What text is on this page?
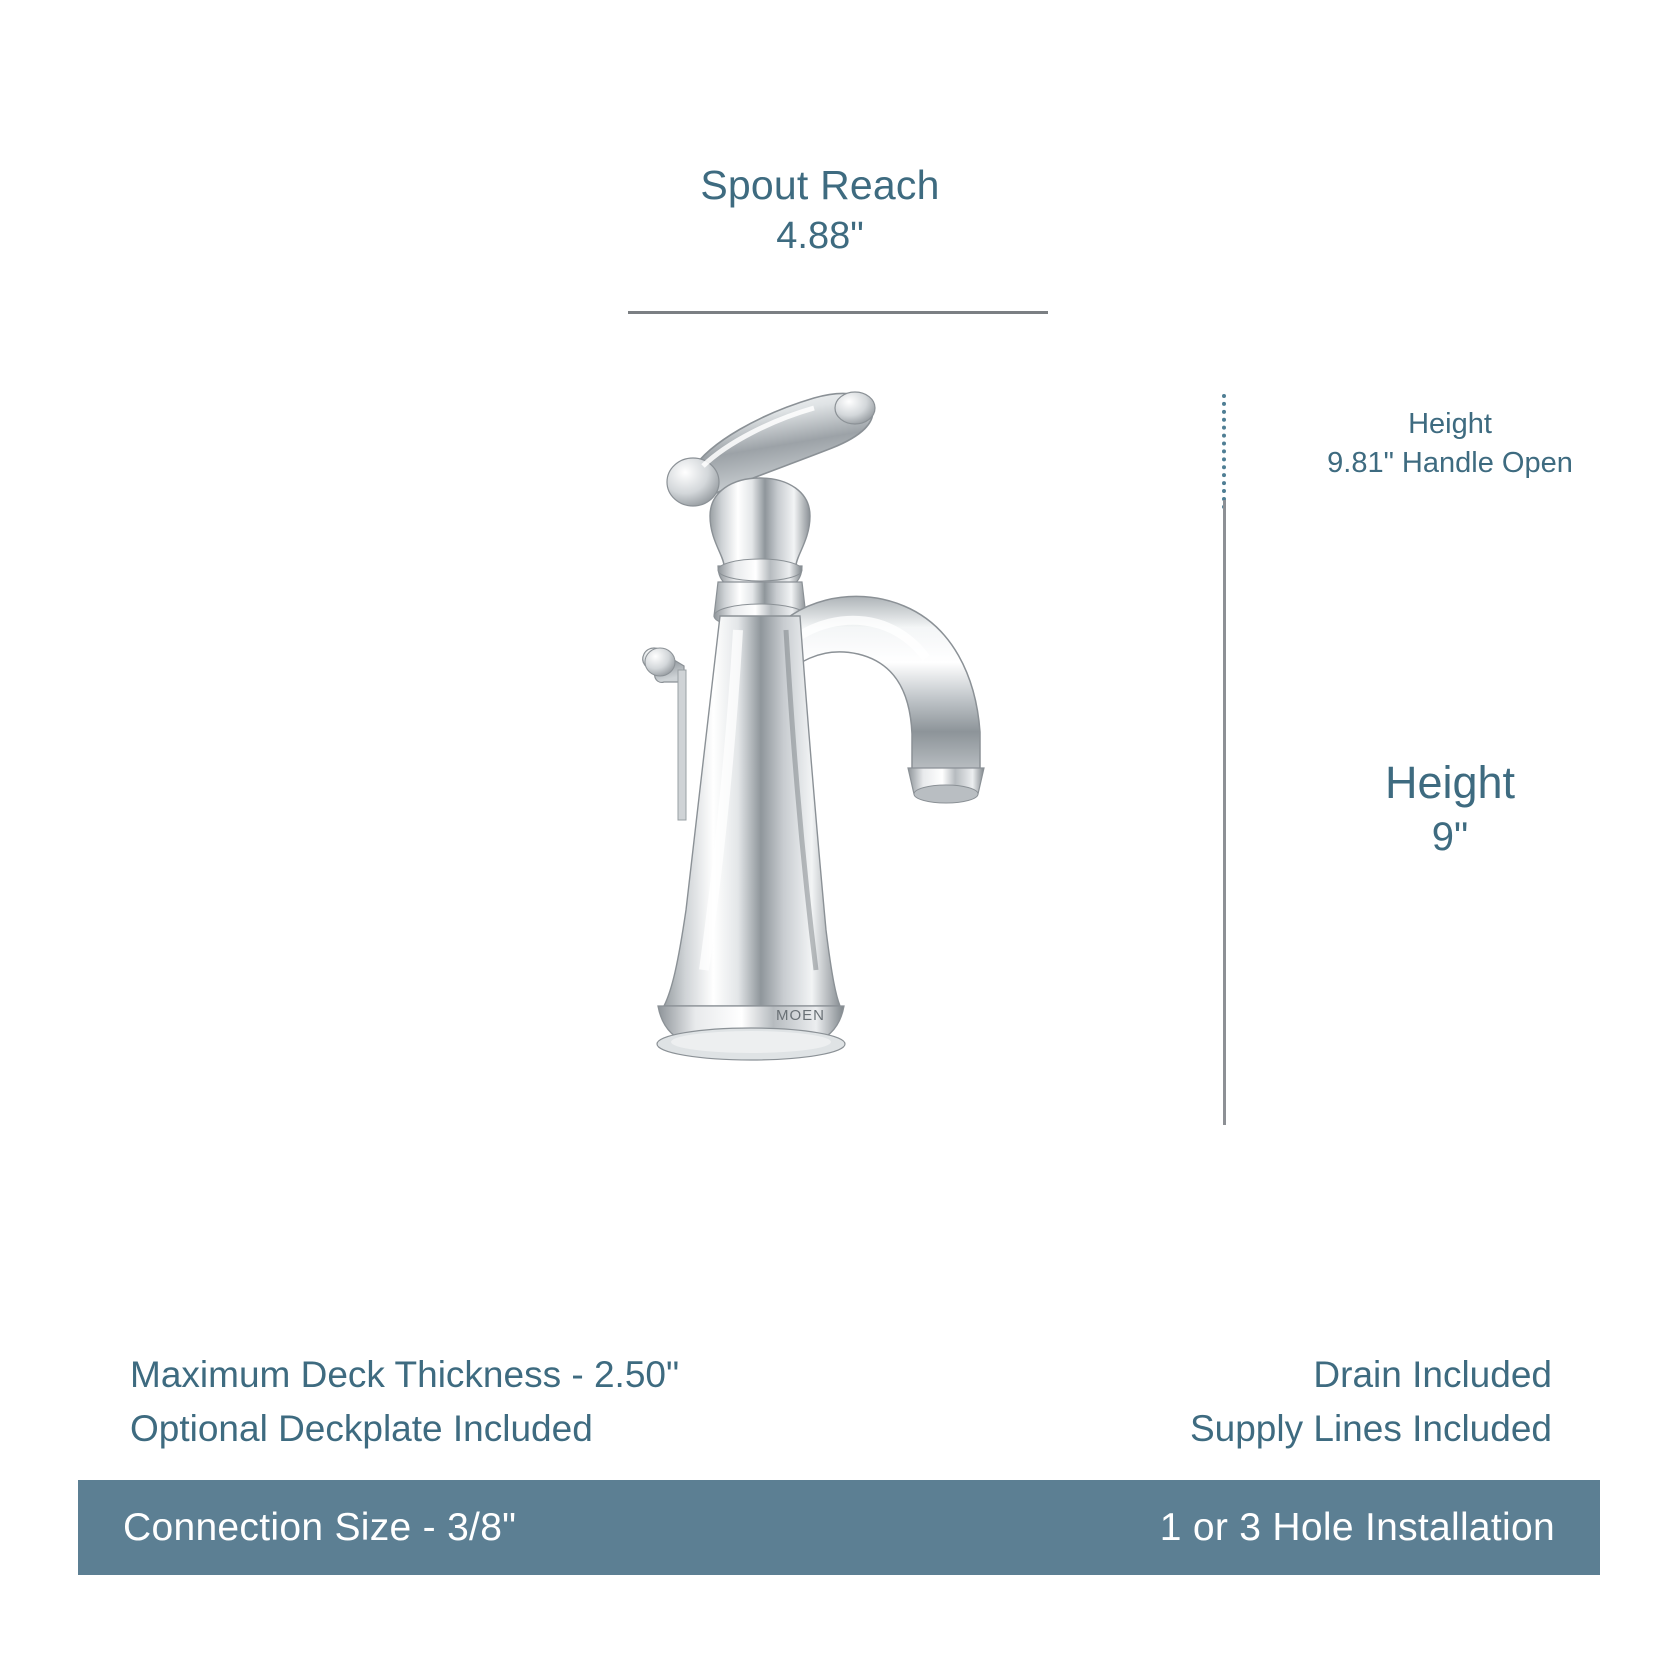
Spout Reach
4.88"
MOEN
Height
9.81" Handle Open
Height
9"
Maximum Deck Thickness - 2.50"
Optional Deckplate Included
Drain Included
Supply Lines Included
Connection Size - 3/8"	1 or 3 Hole Installation
